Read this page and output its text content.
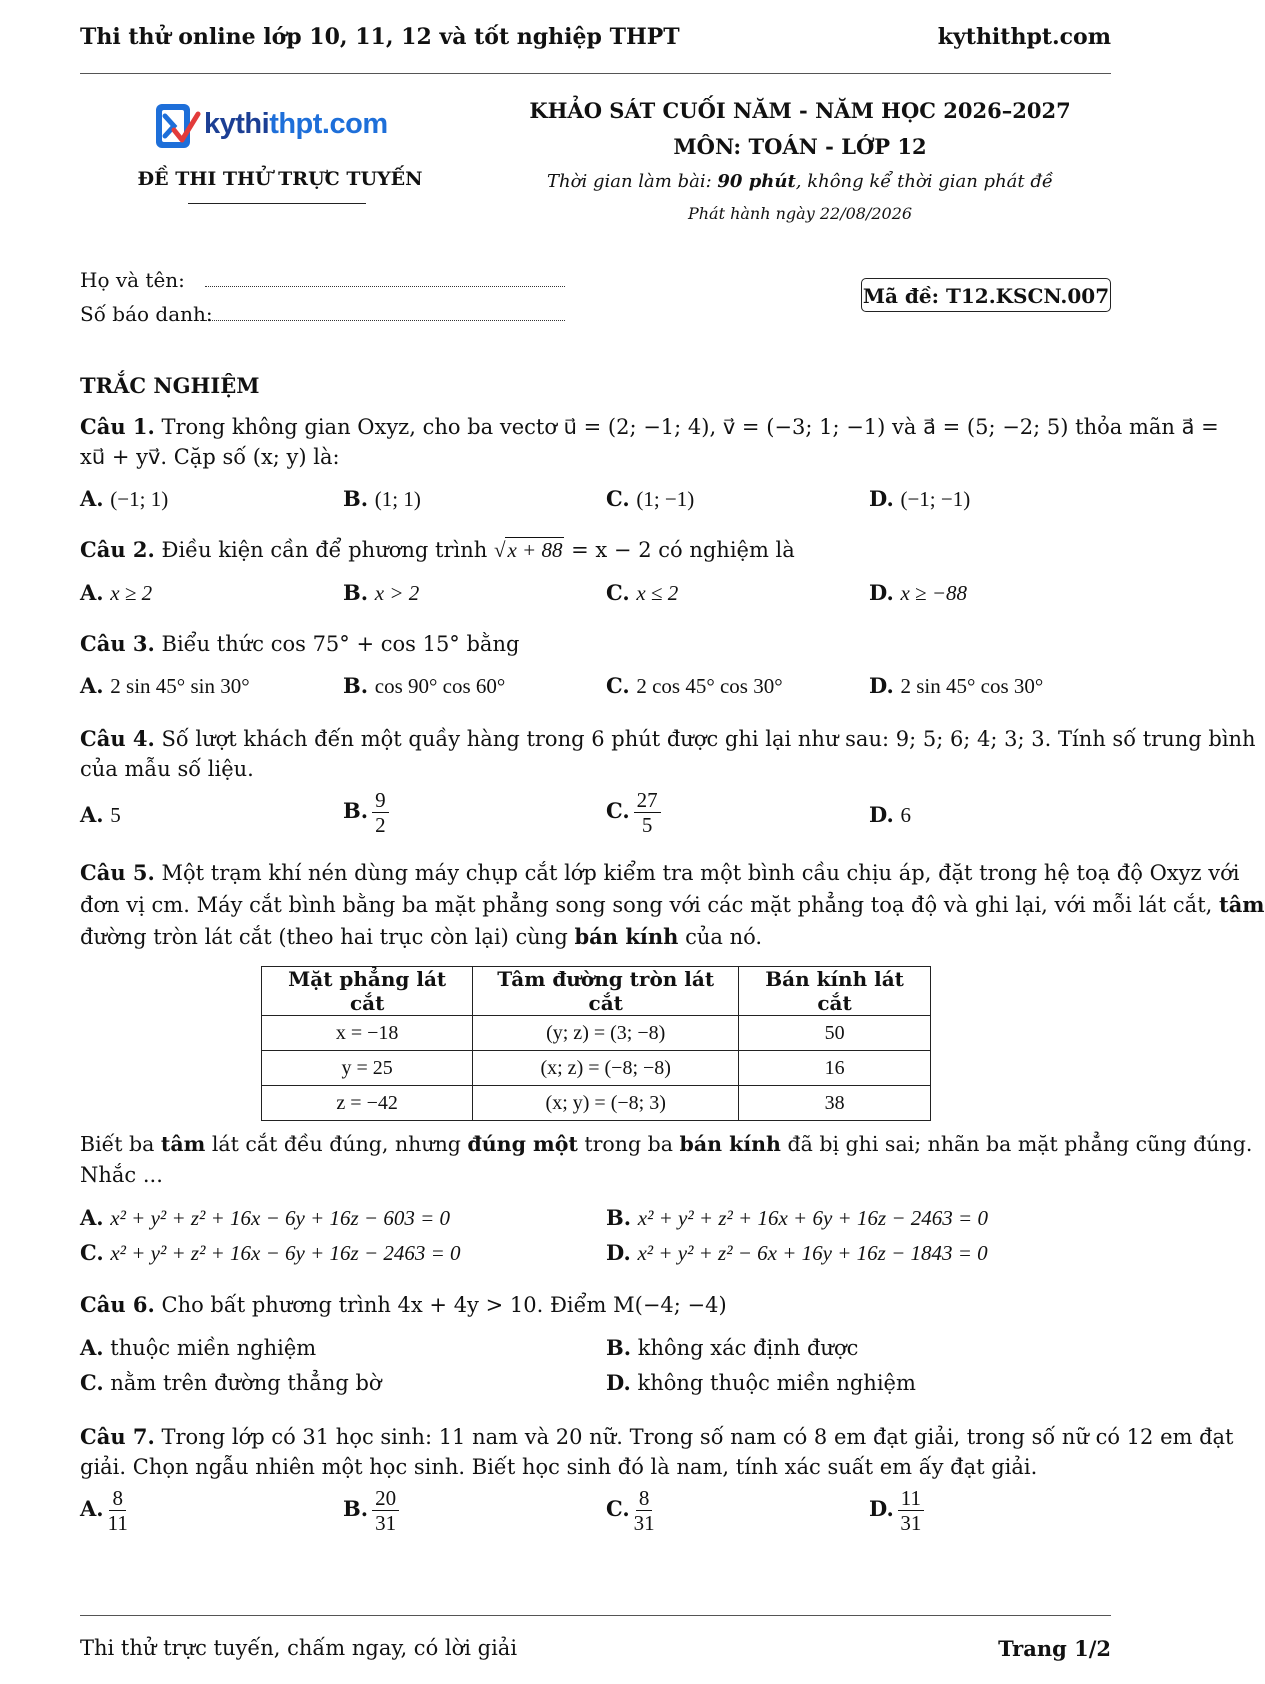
Thi thử online lớp 10, 11, 12 và tốt nghiệp THPT	kythithpt.com
kythithpt.com
ĐỀ THI THỬ TRỰC TUYẾN
KHẢO SÁT CUỐI NĂM - NĂM HỌC 2026–2027
MÔN: TOÁN - LỚP 12
Thời gian làm bài: 90 phút, không kể thời gian phát đề
Phát hành ngày 22/08/2026
Họ và tên:
Số báo danh:
Mã đề: T12.KSCN.007
TRẮC NGHIỆM
Câu 1. Trong không gian Oxyz, cho ba vectơ u⃗ = (2; −1; 4), v⃗ = (−3; 1; −1) và a⃗ = (5; −2; 5) thỏa mãn a⃗ =
xu⃗ + yv⃗. Cặp số (x; y) là:
A. (−1; 1)	B. (1; 1)	C. (1; −1)	D. (−1; −1)
Câu 2. Điều kiện cần để phương trình √x + 88 = x − 2 có nghiệm là
A. x ≥ 2	B. x > 2	C. x ≤ 2	D. x ≥ −88
Câu 3. Biểu thức cos 75° + cos 15° bằng
A. 2 sin 45° sin 30°	B. cos 90° cos 60°	C. 2 cos 45° cos 30°	D. 2 sin 45° cos 30°
Câu 4. Số lượt khách đến một quầy hàng trong 6 phút được ghi lại như sau: 9; 5; 6; 4; 3; 3. Tính số trung bình
của mẫu số liệu.
A. 5	B. $\frac{9}{2}$	C. $\frac{27}{5}$	D. 6
Câu 5. Một trạm khí nén dùng máy chụp cắt lớp kiểm tra một bình cầu chịu áp, đặt trong hệ toạ độ Oxyz với
đơn vị cm. Máy cắt bình bằng ba mặt phẳng song song với các mặt phẳng toạ độ và ghi lại, với mỗi lát cắt, tâm
đường tròn lát cắt (theo hai trục còn lại) cùng bán kính của nó.
Mặt phẳng lát cắt	Tâm đường tròn lát cắt	Bán kính lát cắt
x = −18	(y; z) = (3; −8)	50
y = 25	(x; z) = (−8; −8)	16
z = −42	(x; y) = (−8; 3)	38
Biết ba tâm lát cắt đều đúng, nhưng đúng một trong ba bán kính đã bị ghi sai; nhãn ba mặt phẳng cũng đúng.
Nhắc ...
A. x² + y² + z² + 16x − 6y + 16z − 603 = 0	B. x² + y² + z² + 16x + 6y + 16z − 2463 = 0
C. x² + y² + z² + 16x − 6y + 16z − 2463 = 0	D. x² + y² + z² − 6x + 16y + 16z − 1843 = 0
Câu 6. Cho bất phương trình 4x + 4y > 10. Điểm M(−4; −4)
A. thuộc miền nghiệm	B. không xác định được
C. nằm trên đường thẳng bờ	D. không thuộc miền nghiệm
Câu 7. Trong lớp có 31 học sinh: 11 nam và 20 nữ. Trong số nam có 8 em đạt giải, trong số nữ có 12 em đạt
giải. Chọn ngẫu nhiên một học sinh. Biết học sinh đó là nam, tính xác suất em ấy đạt giải.
A. $\frac{8}{11}$	B. $\frac{20}{31}$	C. $\frac{8}{31}$	D. $\frac{11}{31}$
Thi thử trực tuyến, chấm ngay, có lời giải	Trang 1/2
